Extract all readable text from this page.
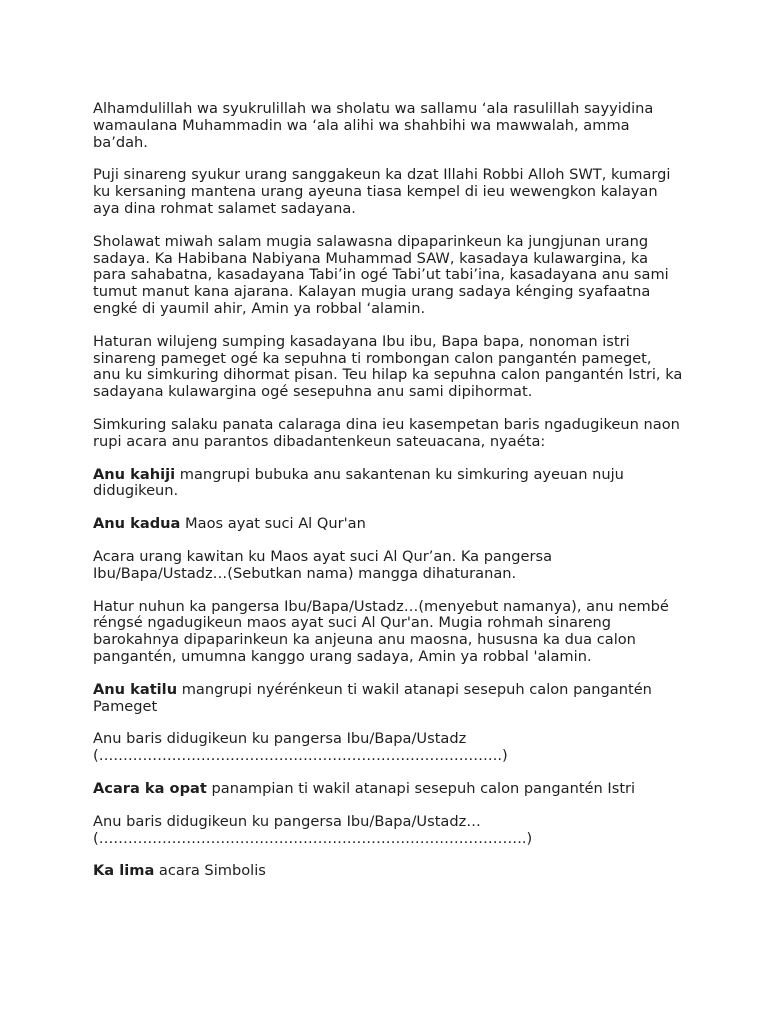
Alhamdulillah wa syukrulillah wa sholatu wa sallamu ‘ala rasulillah sayyidina wamaulana Muhammadin wa ‘ala alihi wa shahbihi wa mawwalah, amma ba’dah.

Puji sinareng syukur urang sanggakeun ka dzat Illahi Robbi Alloh SWT, kumargi ku kersaning mantena urang ayeuna tiasa kempel di ieu wewengkon kalayan aya dina rohmat salamet sadayana.

Sholawat miwah salam mugia salawasna dipaparinkeun ka jungjunan urang sadaya. Ka Habibana Nabiyana Muhammad SAW, kasadaya kulawargina, ka para sahabatna, kasadayana Tabi’in ogé Tabi’ut tabi’ina, kasadayana anu sami tumut manut kana ajarana. Kalayan mugia urang sadaya kénging syafaatna engké di yaumil ahir, Amin ya robbal ‘alamin.

Haturan wilujeng sumping kasadayana Ibu ibu, Bapa bapa, nonoman istri sinareng pameget ogé ka sepuhna ti rombongan calon pangantén pameget, anu ku simkuring dihormat pisan. Teu hilap ka sepuhna calon pangantén Istri, ka sadayana kulawargina ogé sesepuhna anu sami dipihormat.

Simkuring salaku panata calaraga dina ieu kasempetan baris ngadugikeun naon rupi acara anu parantos dibadantenkeun sateuacana, nyaéta:

Anu kahiji mangrupi bubuka anu sakantenan ku simkuring ayeuan nuju didugikeun.

Anu kadua Maos ayat suci Al Qur'an

Acara urang kawitan ku Maos ayat suci Al Qur’an. Ka pangersa Ibu/Bapa/Ustadz…(Sebutkan nama) mangga dihaturanan.

Hatur nuhun ka pangersa Ibu/Bapa/Ustadz…(menyebut namanya), anu nembé réngsé ngadugikeun maos ayat suci Al Qur'an. Mugia rohmah sinareng barokahnya dipaparinkeun ka anjeuna anu maosna, hususna ka dua calon pangantén, umumna kanggo urang sadaya, Amin ya robbal 'alamin.

Anu katilu mangrupi nyérénkeun ti wakil atanapi sesepuh calon pangantén Pameget

Anu baris didugikeun ku pangersa Ibu/Bapa/Ustadz (………………………………………………………………………..)

Acara ka opat panampian ti wakil atanapi sesepuh calon pangantén Istri

Anu baris didugikeun ku pangersa Ibu/Bapa/Ustadz… (…………………………………………………………………………….)

Ka lima acara Simbolis
